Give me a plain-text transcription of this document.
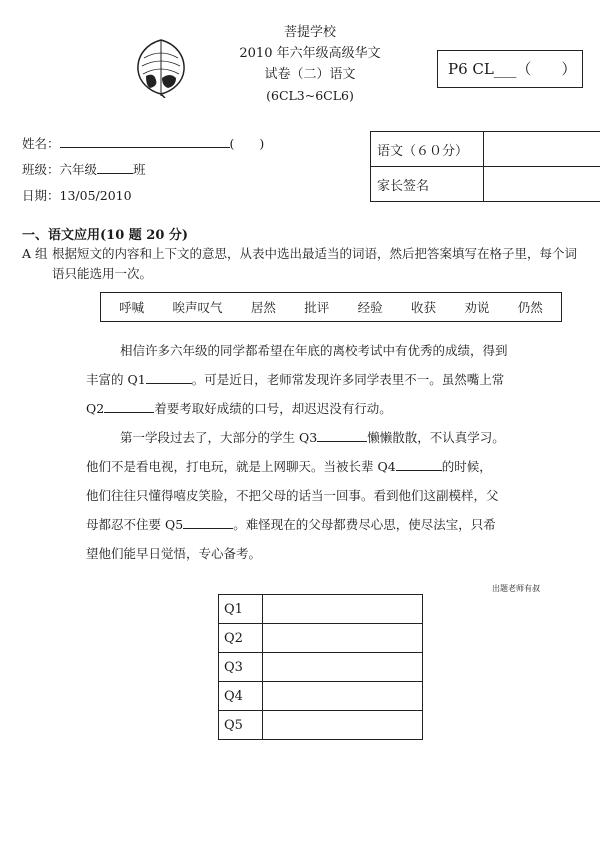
菩提学校
2010 年六年级高级华文
试卷（二）语文
(6CL3~6CL6)
P6 CL___（　　）
姓名：	(　　)
班级：六年级	班
日期：13/05/2010
语文（６０分）	
家长签名	
一、语文应用(10 题 20 分)
A 组 根据短文的内容和上下文的意思，从表中选出最适当的词语，然后把答案填写在格子里，每个词语只能选用一次。
呼喊 唉声叹气 居然 批评 经验 收获 劝说 仍然
相信许多六年级的同学都希望在年底的离校考试中有优秀的成绩，得到
丰富的 Q1	。可是近日，老师常发现许多同学表里不一。虽然嘴上常
Q2	着要考取好成绩的口号，却迟迟没有行动。
第一学段过去了，大部分的学生 Q3	懒懒散散，不认真学习。
他们不是看电视，打电玩，就是上网聊天。当被长辈 Q4	的时候，
他们往往只懂得嘻皮笑脸，不把父母的话当一回事。看到他们这副模样，父
母都忍不住要 Q5	。难怪现在的父母都费尽心思，使尽法宝，只希
望他们能早日觉悟，专心备考。
出题老师有叔
Q1	
Q2	
Q3	
Q4	
Q5	
